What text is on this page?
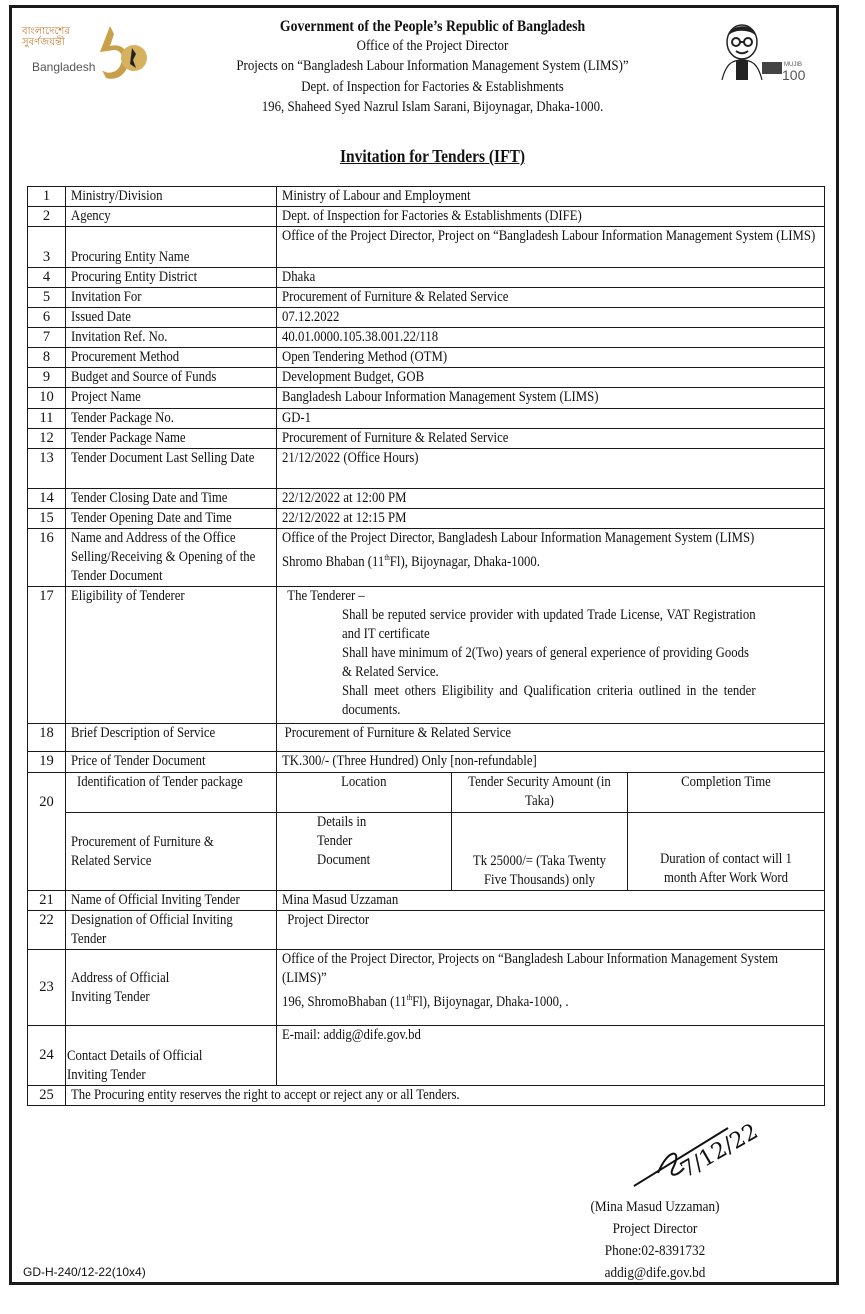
বাংলাদেশের
সুবর্ণজয়ন্তী
Bangladesh	MUJIB
100
Government of the People’s Republic of Bangladesh
Office of the Project Director
Projects on “Bangladesh Labour Information Management System (LIMS)”
Dept. of Inspection for Factories & Establishments
196, Shaheed Syed Nazrul Islam Sarani, Bijoynagar, Dhaka-1000.
Invitation for Tenders (IFT)
1	Ministry/Division	Ministry of Labour and Employment		
2	Agency	Dept. of Inspection for Factories & Establishments (DIFE)		
3	Procuring Entity Name	Office of the Project Director, Project on “Bangladesh Labour Information Management System (LIMS)		

4	Procuring Entity District	Dhaka		
5	Invitation For	Procurement of Furniture & Related Service		
6	Issued Date	07.12.2022		
7	Invitation Ref. No.	40.01.0000.105.38.001.22/118		
8	Procurement Method	Open Tendering Method (OTM)		
9	Budget and Source of Funds	Development Budget, GOB		
10	Project Name	Bangladesh Labour Information Management System (LIMS)		
11	Tender Package No.	GD-1		
12	Tender Package Name	Procurement of Furniture & Related Service		
13	Tender Document Last Selling Date	21/12/2022 (Office Hours)		
14	Tender Closing Date and Time	22/12/2022 at 12:00 PM		
15	Tender Opening Date and Time	22/12/2022 at 12:15 PM		
16	Name and Address of the Office Selling/Receiving & Opening of the Tender Document	Office of the Project Director, Bangladesh Labour Information Management System (LIMS)
Shromo Bhaban (11thFl), Bijoynagar, Dhaka-1000.		
17	Eligibility of Tenderer	The Tenderer –
Shall be reputed service provider with updated Trade License, VAT Registration and IT certificate
Shall have minimum of 2(Two) years of general experience of providing Goods & Related Service.
Shall meet others Eligibility and Qualification criteria outlined in the tender documents.		

18	Brief Description of Service	Procurement of Furniture & Related Service		
19	Price of Tender Document	TK.300/- (Three Hundred) Only [non-refundable]		
20	Identification of Tender package	Location	Tender Security Amount (in Taka)	Completion Time

	Procurement of Furniture & Related Service	Details in Tender Document	Tk 25000/= (Taka Twenty Five Thousands) only	Duration of contact will 1 month After Work Word

21	Name of Official Inviting Tender	Mina Masud Uzzaman		
22	Designation of Official Inviting Tender	Project Director		
23	Address of Official Inviting Tender	Office of the Project Director, Projects on “Bangladesh Labour Information Management System (LIMS)”
196, ShromoBhaban (11thFl), Bijoynagar, Dhaka-1000, .		
24	Contact Details of Official Inviting Tender	E-mail: addig@dife.gov.bd		
25	The Procuring entity reserves the right to accept or reject any or all Tenders.			
7/12/22
(Mina Masud Uzzaman)
Project Director
Phone:02-8391732
addig@dife.gov.bd
GD-H-240/12-22(10x4)
